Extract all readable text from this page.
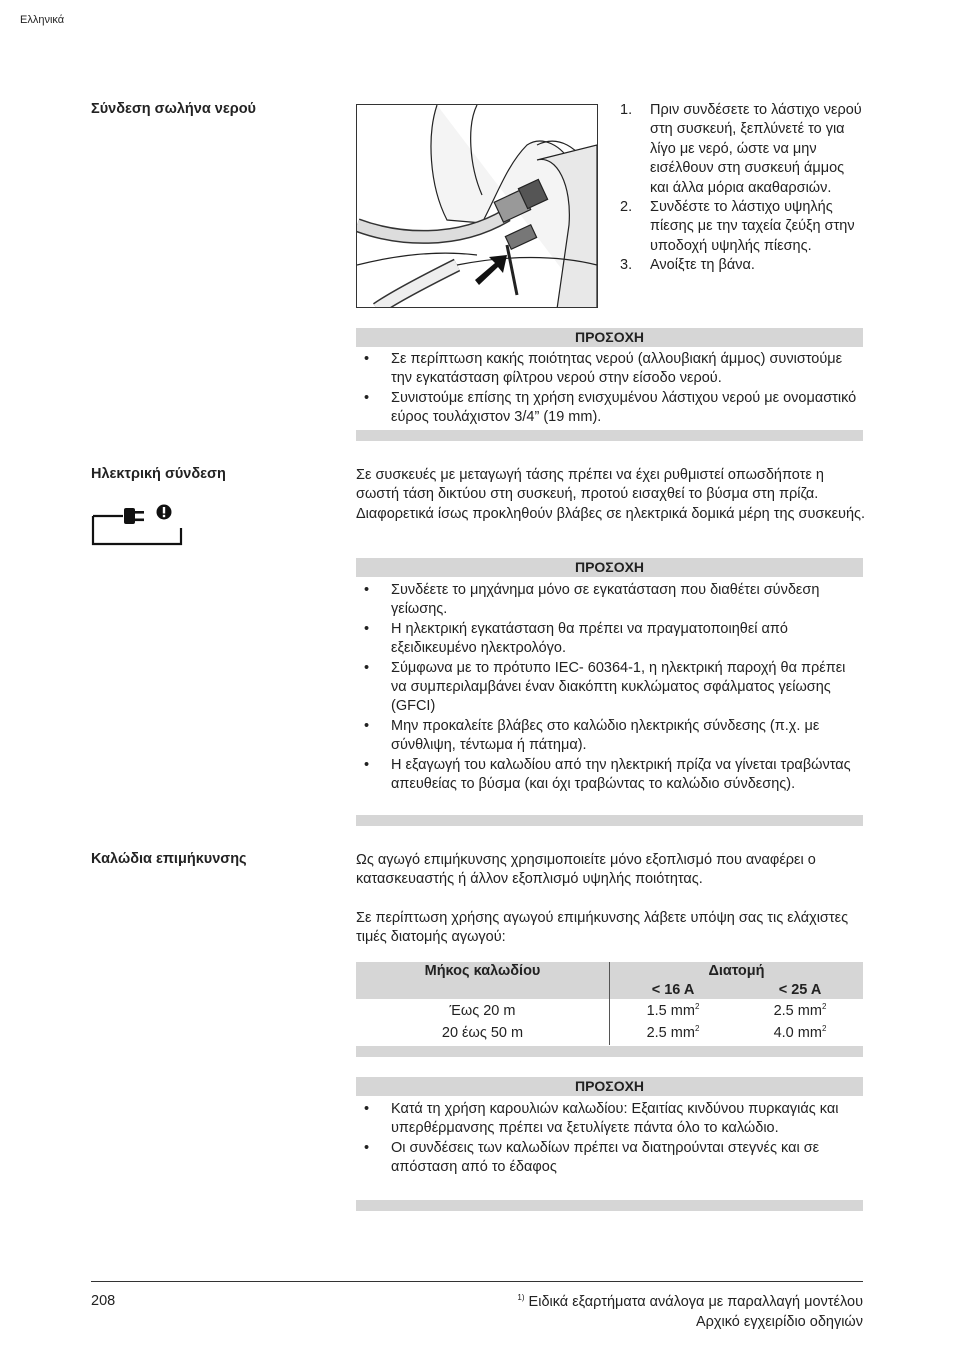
Ελληνικά
Σύνδεση σωλήνα νερού	1. Πριν συνδέσετε το λάστιχο νερού στη συσκευή, ξεπλύνετέ το για λίγο με νερό, ώστε να μην εισέλθουν στη συσκευή άμμος και άλλα μόρια ακαθαρσιών.
2. Συνδέστε το λάστιχο υψηλής πίεσης με την ταχεία ζεύξη στην υποδοχή υψηλής πίεσης.
3. Ανοίξτε τη βάνα.
ΠΡΟΣΟΧΗ
• Σε περίπτωση κακής ποιότητας νερού (αλλουβιακή άμμος) συνιστούμε την εγκατάσταση φίλτρου νερού στην είσοδο νερού.
• Συνιστούμε επίσης τη χρήση ενισχυμένου λάστιχου νερού με ονομαστικό εύρος τουλάχιστον 3/4” (19 mm).
Ηλεκτρική σύνδεση	Σε συσκευές με μεταγωγή τάσης πρέπει να έχει ρυθμιστεί οπωσδήποτε η σωστή τάση δικτύου στη συσκευή, προτού εισαχθεί το βύσμα στη πρίζα. Διαφορετικά ίσως προκληθούν βλάβες σε ηλεκτρικά δομικά μέρη της συσκευής.
ΠΡΟΣΟΧΗ
• Συνδέετε το μηχάνημα μόνο σε εγκατάσταση που διαθέτει σύνδεση γείωσης.
• Η ηλεκτρική εγκατάσταση θα πρέπει να πραγματοποιηθεί από εξειδικευμένο ηλεκτρολόγο.
• Σύμφωνα με το πρότυπο IEC- 60364-1, η ηλεκτρική παροχή θα πρέπει να συμπεριλαμβάνει έναν διακόπτη κυκλώματος σφάλματος γείωσης (GFCI)
• Μην προκαλείτε βλάβες στο καλώδιο ηλεκτρικής σύνδεσης (π.χ. με σύνθλιψη, τέντωμα ή πάτημα).
• Η εξαγωγή του καλωδίου από την ηλεκτρική πρίζα να γίνεται τραβώντας απευθείας το βύσμα (και όχι τραβώντας το καλώδιο σύνδεσης).
Καλώδια επιμήκυνσης	Ως αγωγό επιμήκυνσης χρησιμοποιείτε μόνο εξοπλισμό που αναφέρει ο κατασκευαστής ή άλλον εξοπλισμό υψηλής ποιότητας.
Σε περίπτωση χρήσης αγωγού επιμήκυνσης λάβετε υπόψη σας τις ελάχιστες τιμές διατομής αγωγού:
Μήκος καλωδίου	Διατομή
< 16 A	< 25 A
Έως 20 m	1.5 $mm^2$	2.5 $mm^2$
20 έως 50 m	2.5 $mm^2$	4.0 $mm^2$
ΠΡΟΣΟΧΗ
• Κατά τη χρήση καρουλιών καλωδίου: Εξαιτίας κινδύνου πυρκαγιάς και υπερθέρμανσης πρέπει να ξετυλίγετε πάντα όλο το καλώδιο.
• Οι συνδέσεις των καλωδίων πρέπει να διατηρούνται στεγνές και σε απόσταση από το έδαφος
208	$^{1)}$ Ειδικά εξαρτήματα ανάλογα με παραλλαγή μοντέλου
Αρχικό εγχειρίδιο οδηγιών
